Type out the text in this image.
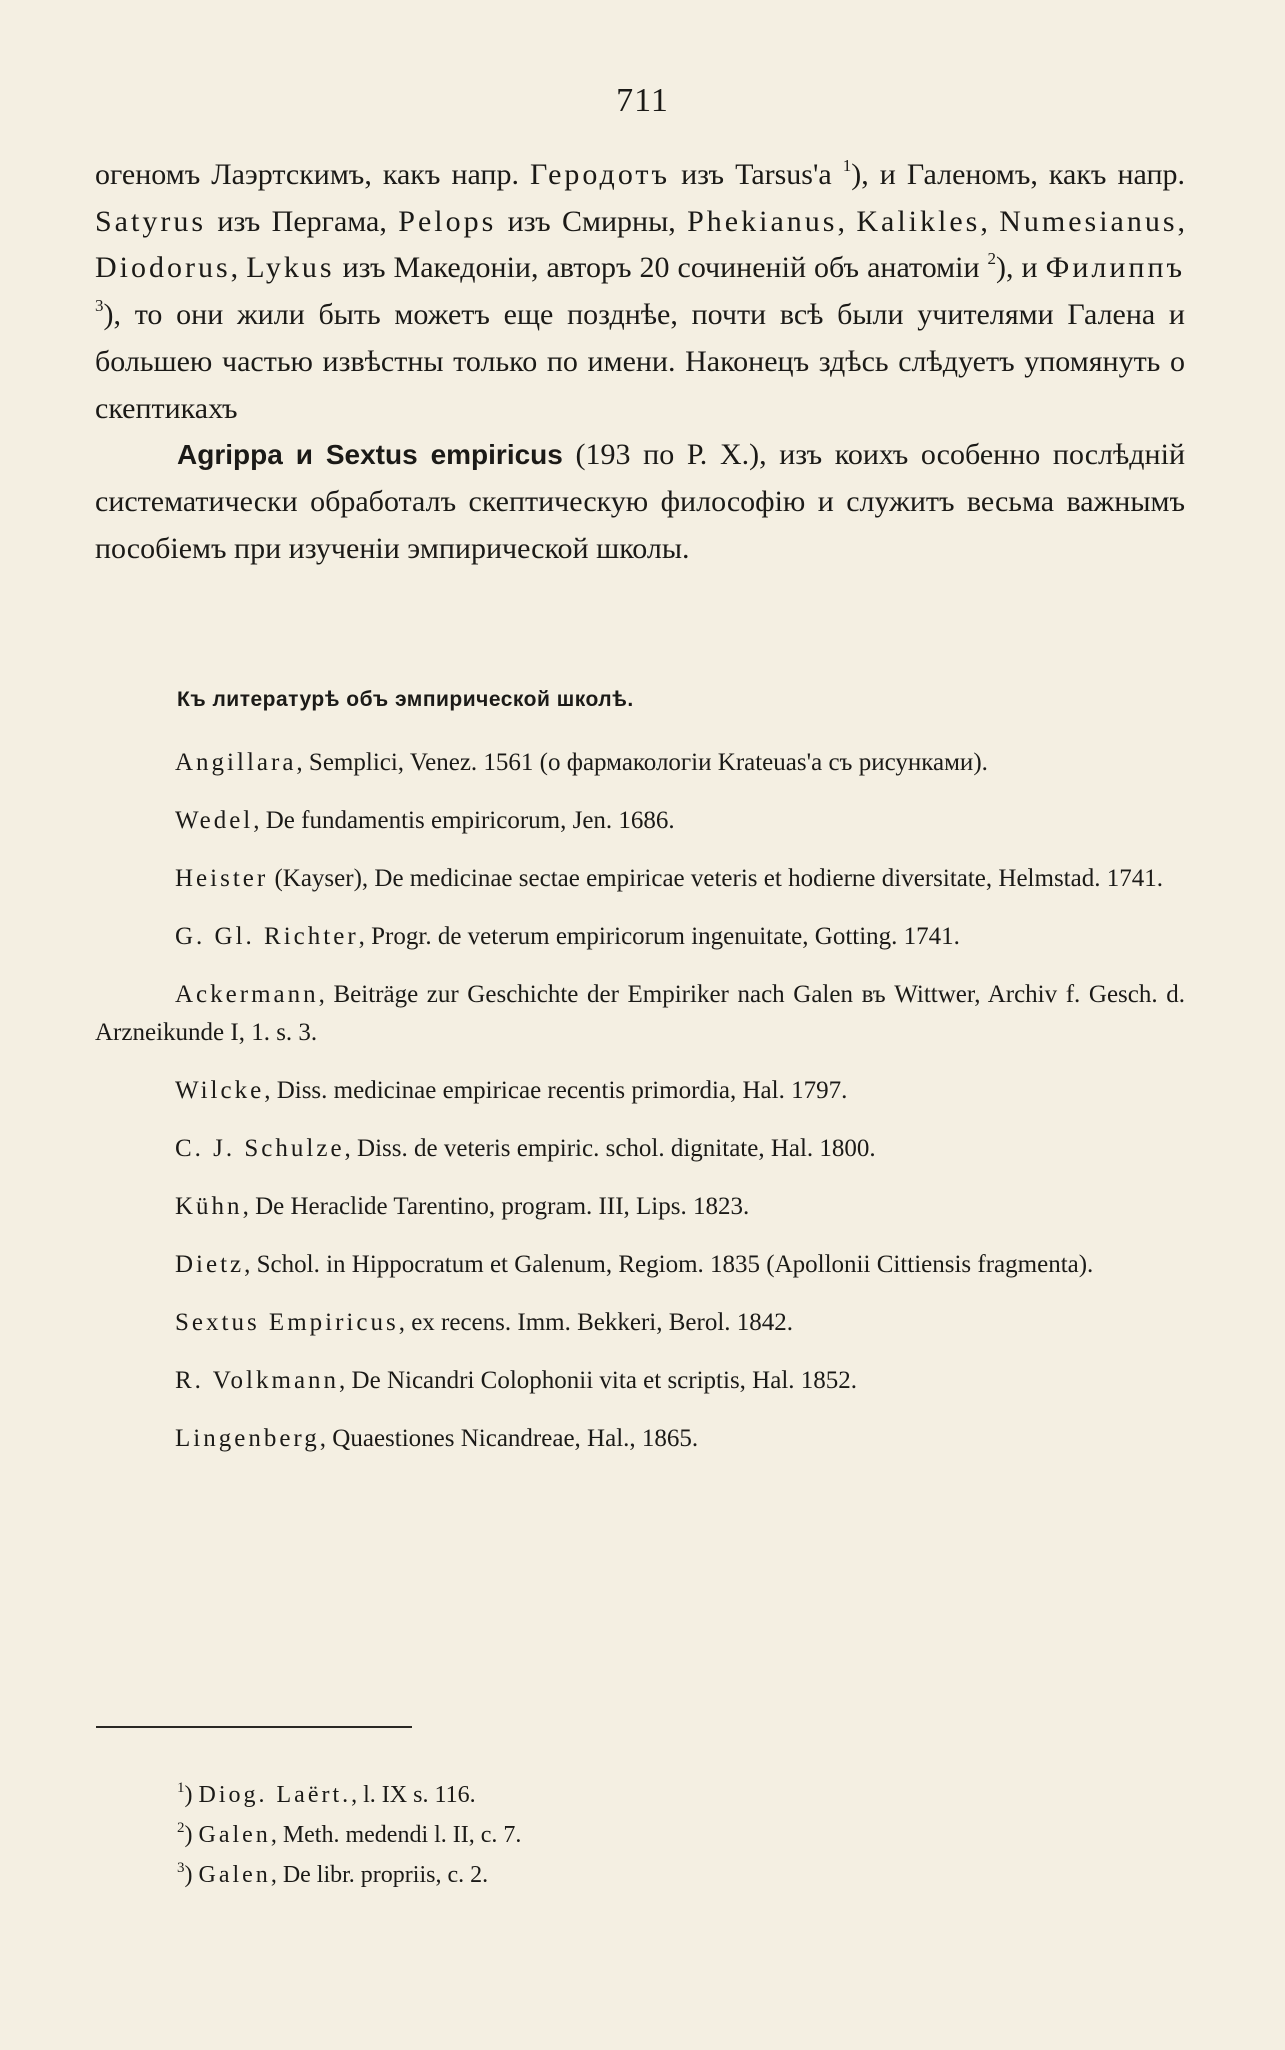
711

огеномъ Лаэртскимъ, какъ напр. Геродотъ изъ Tarsus'а $^1$), и Галеномъ, какъ напр. Satyrus изъ Пергама, Pelops изъ Смирны, Phekianus, Kalikles, Numesianus, Diodorus, Lykus изъ Македоніи, авторъ 20 сочиненій объ анатоміи $^2$), и Филиппъ $^3$), то они жили быть можетъ еще позднѣе, почти всѣ были учителями Галена и большею частью извѣстны только по имени. Наконецъ здѣсь слѣдуетъ упомянуть о скептикахъ

Agrippa и Sextus empiricus (193 по Р. Х.), изъ коихъ особенно послѣдній систематически обработалъ скептическую философію и служитъ весьма важнымъ пособіемъ при изученіи эмпирической школы.

Къ литературѣ объ эмпирической школѣ.
Angillara, Semplici, Venez. 1561 (о фармакологіи Krateuas'а съ рисунками).
Wedel, De fundamentis empiricorum, Jen. 1686.
Heister (Kayser), De medicinae sectae empiricae veteris et hodierne diversitate, Helmstad. 1741.
G. Gl. Richter, Progr. de veterum empiricorum ingenuitate, Gotting. 1741.
Ackermann, Beiträge zur Geschichte der Empiriker nach Galen въ Wittwer, Archiv f. Gesch. d. Arzneikunde I, 1. s. 3.
Wilcke, Diss. medicinae empiricae recentis primordia, Hal. 1797.
C. J. Schulze, Diss. de veteris empiric. schol. dignitate, Hal. 1800.
Kühn, De Heraclide Tarentino, program. III, Lips. 1823.
Dietz, Schol. in Hippocratum et Galenum, Regiom. 1835 (Apollonii Cittiensis fragmenta).
Sextus Empiricus, ex recens. Imm. Bekkeri, Berol. 1842.
R. Volkmann, De Nicandri Colophonii vita et scriptis, Hal. 1852.
Lingenberg, Quaestiones Nicandreae, Hal., 1865.
$^1$) Diog. Laërt., l. IX s. 116.
$^2$) Galen, Meth. medendi l. II, c. 7.
$^3$) Galen, De libr. propriis, c. 2.
